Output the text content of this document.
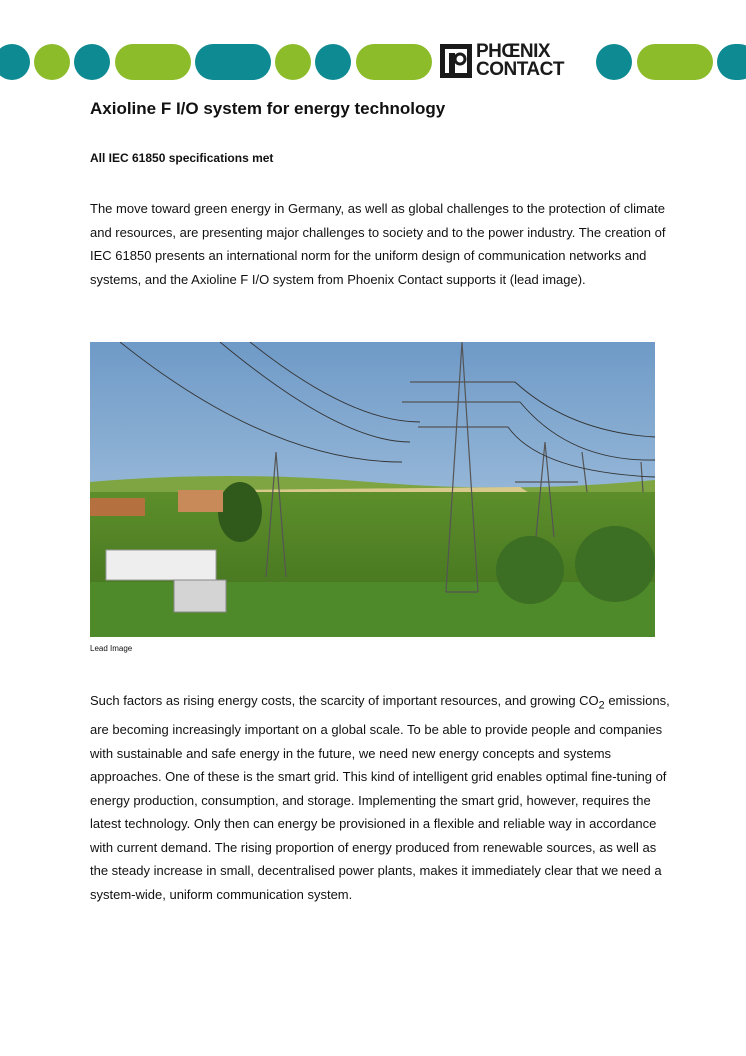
PHŒNIX
CONTACT
Axioline F I/O system for energy technology
All IEC 61850 specifications met

The move toward green energy in Germany, as well as global challenges to the protection of climate and resources, are presenting major challenges to society and to the power industry. The creation of IEC 61850 presents an international norm for the uniform design of communication networks and systems, and the Axioline F I/O system from Phoenix Contact supports it (lead image).

Lead Image

Such factors as rising energy costs, the scarcity of important resources, and growing $CO_2$ emissions, are becoming increasingly important on a global scale. To be able to provide people and companies with sustainable and safe energy in the future, we need new energy concepts and systems approaches. One of these is the smart grid. This kind of intelligent grid enables optimal fine-tuning of energy production, consumption, and storage. Implementing the smart grid, however, requires the latest technology. Only then can energy be provisioned in a flexible and reliable way in accordance with current demand. The rising proportion of energy produced from renewable sources, as well as the steady increase in small, decentralised power plants, makes it immediately clear that we need a system-wide, uniform communication system.
